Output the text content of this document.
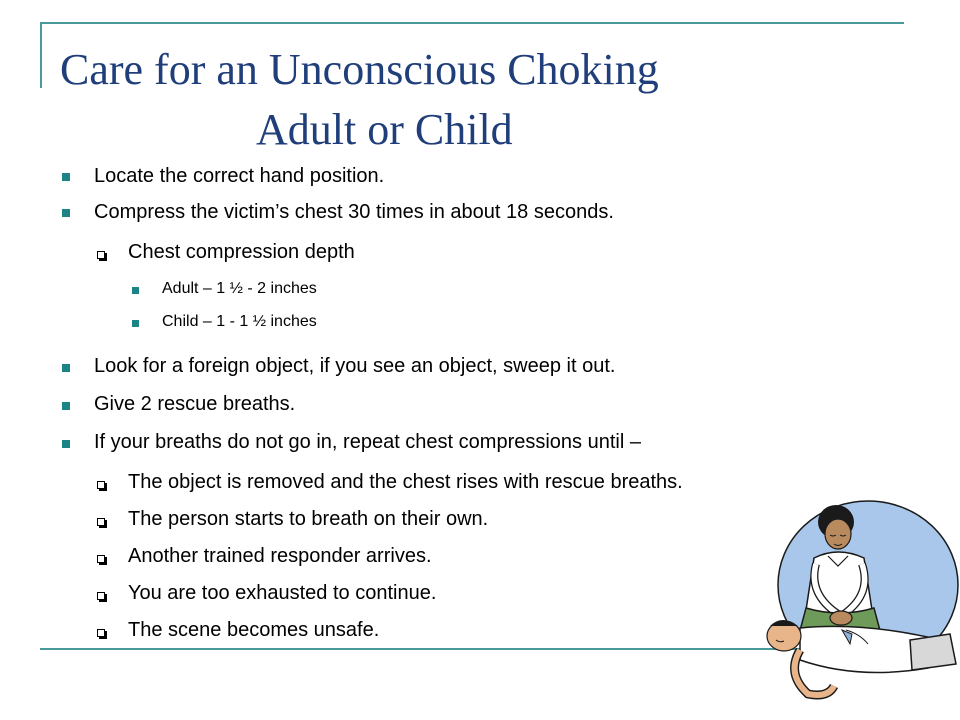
Care for an Unconscious Choking
Adult or Child
Locate the correct hand position.
Compress the victim’s chest 30 times in about 18 seconds.
Chest compression depth
Adult – 1 ½ - 2 inches
Child – 1 - 1 ½ inches
Look for a foreign object, if you see an object, sweep it out.
Give 2 rescue breaths.
If your breaths do not go in, repeat chest compressions until –
The object is removed and the chest rises with rescue breaths.
The person starts to breath on their own.
Another trained responder arrives.
You are too exhausted to continue.
The scene becomes unsafe.
